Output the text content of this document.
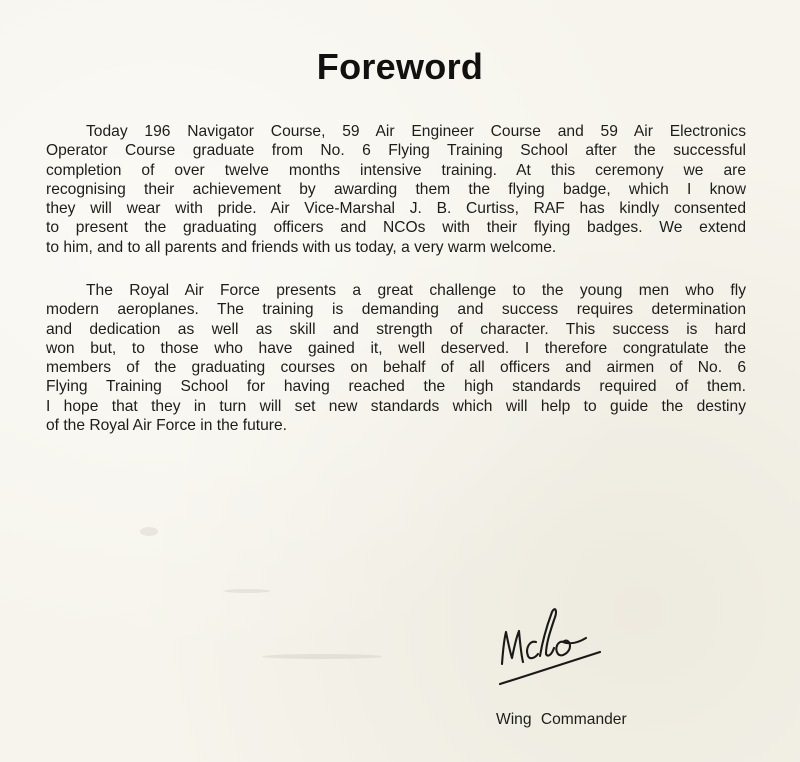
Foreword

Today 196 Navigator Course, 59 Air Engineer Course and 59 Air Electronics
Operator Course graduate from No. 6 Flying Training School after the successful
completion of over twelve months intensive training. At this ceremony we are
recognising their achievement by awarding them the flying badge, which I know
they will wear with pride. Air Vice-Marshal J. B. Curtiss, RAF has kindly consented
to present the graduating officers and NCOs with their flying badges. We extend
to him, and to all parents and friends with us today, a very warm welcome.

The Royal Air Force presents a great challenge to the young men who fly
modern aeroplanes. The training is demanding and success requires determination
and dedication as well as skill and strength of character. This success is hard
won but, to those who have gained it, well deserved. I therefore congratulate the
members of the graduating courses on behalf of all officers and airmen of No. 6
Flying Training School for having reached the high standards required of them.
I hope that they in turn will set new standards which will help to guide the destiny
of the Royal Air Force in the future.

Wing Commander
